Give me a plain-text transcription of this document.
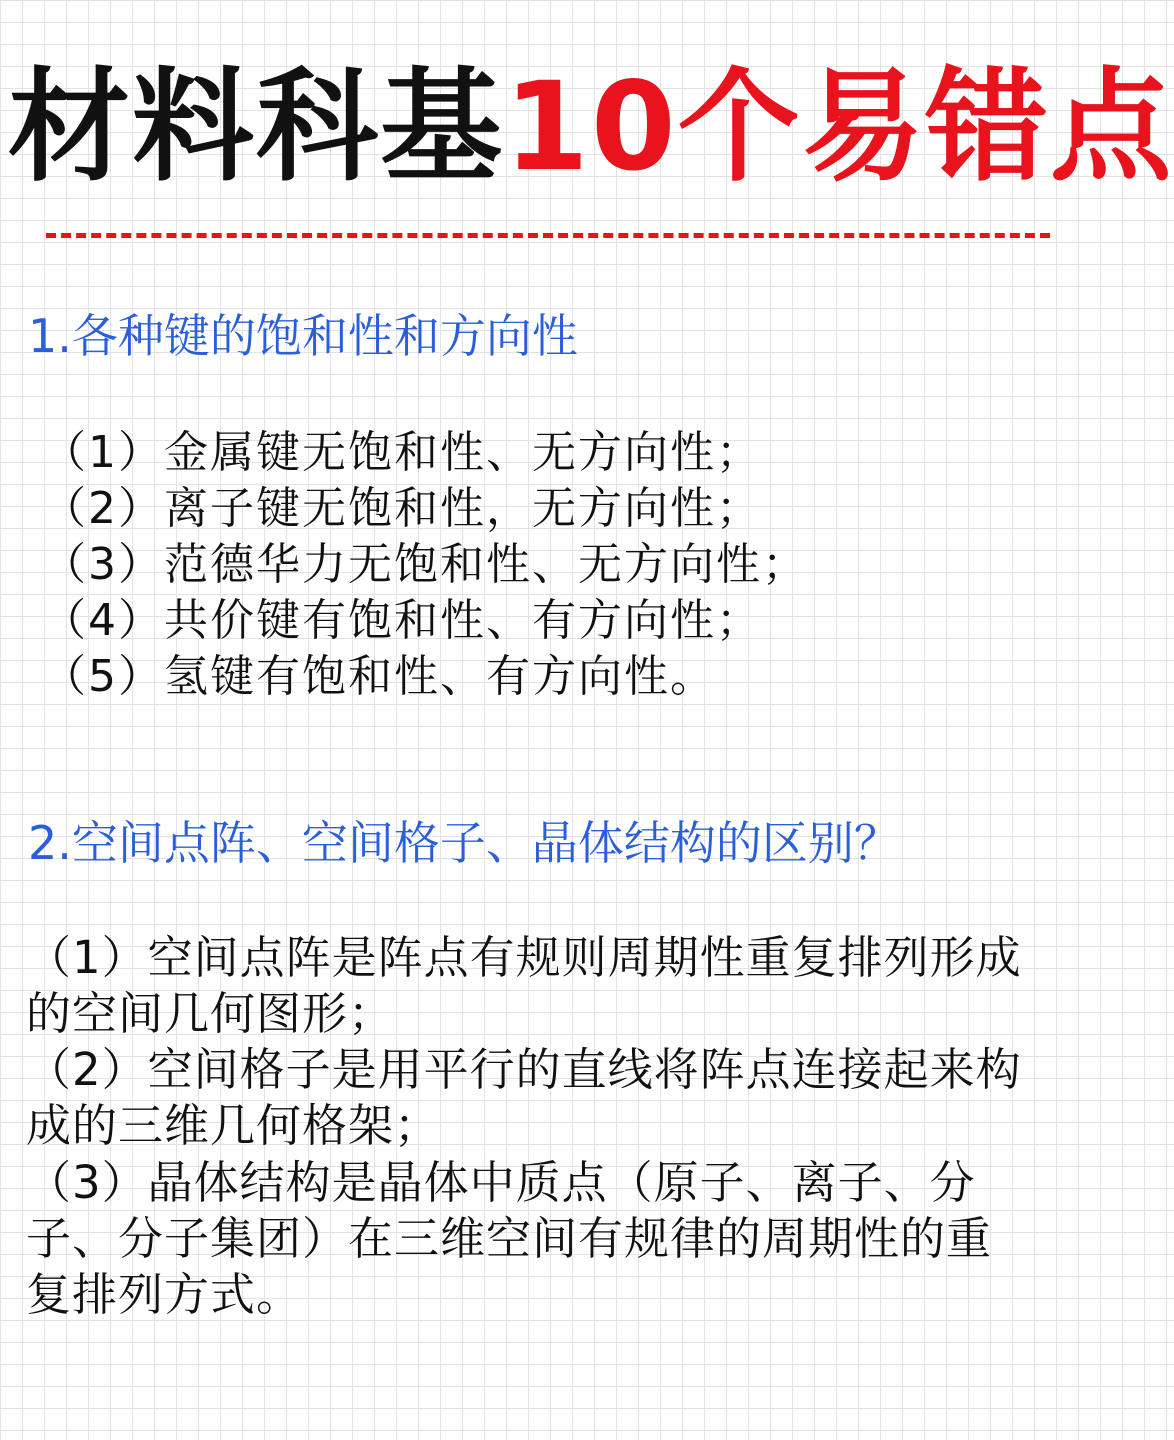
材料科基10个易错点
1.各种键的饱和性和方向性
（1）金属键无饱和性、无方向性；
（2）离子键无饱和性，无方向性；
（3）范德华力无饱和性、无方向性；
（4）共价键有饱和性、有方向性；
（5）氢键有饱和性、有方向性。
2.空间点阵、空间格子、晶体结构的区别？

（1）空间点阵是阵点有规则周期性重复排列形成的空间几何图形；

（2）空间格子是用平行的直线将阵点连接起来构成的三维几何格架；

（3）晶体结构是晶体中质点（原子、离子、分子、分子集团）在三维空间有规律的周期性的重复排列方式。
